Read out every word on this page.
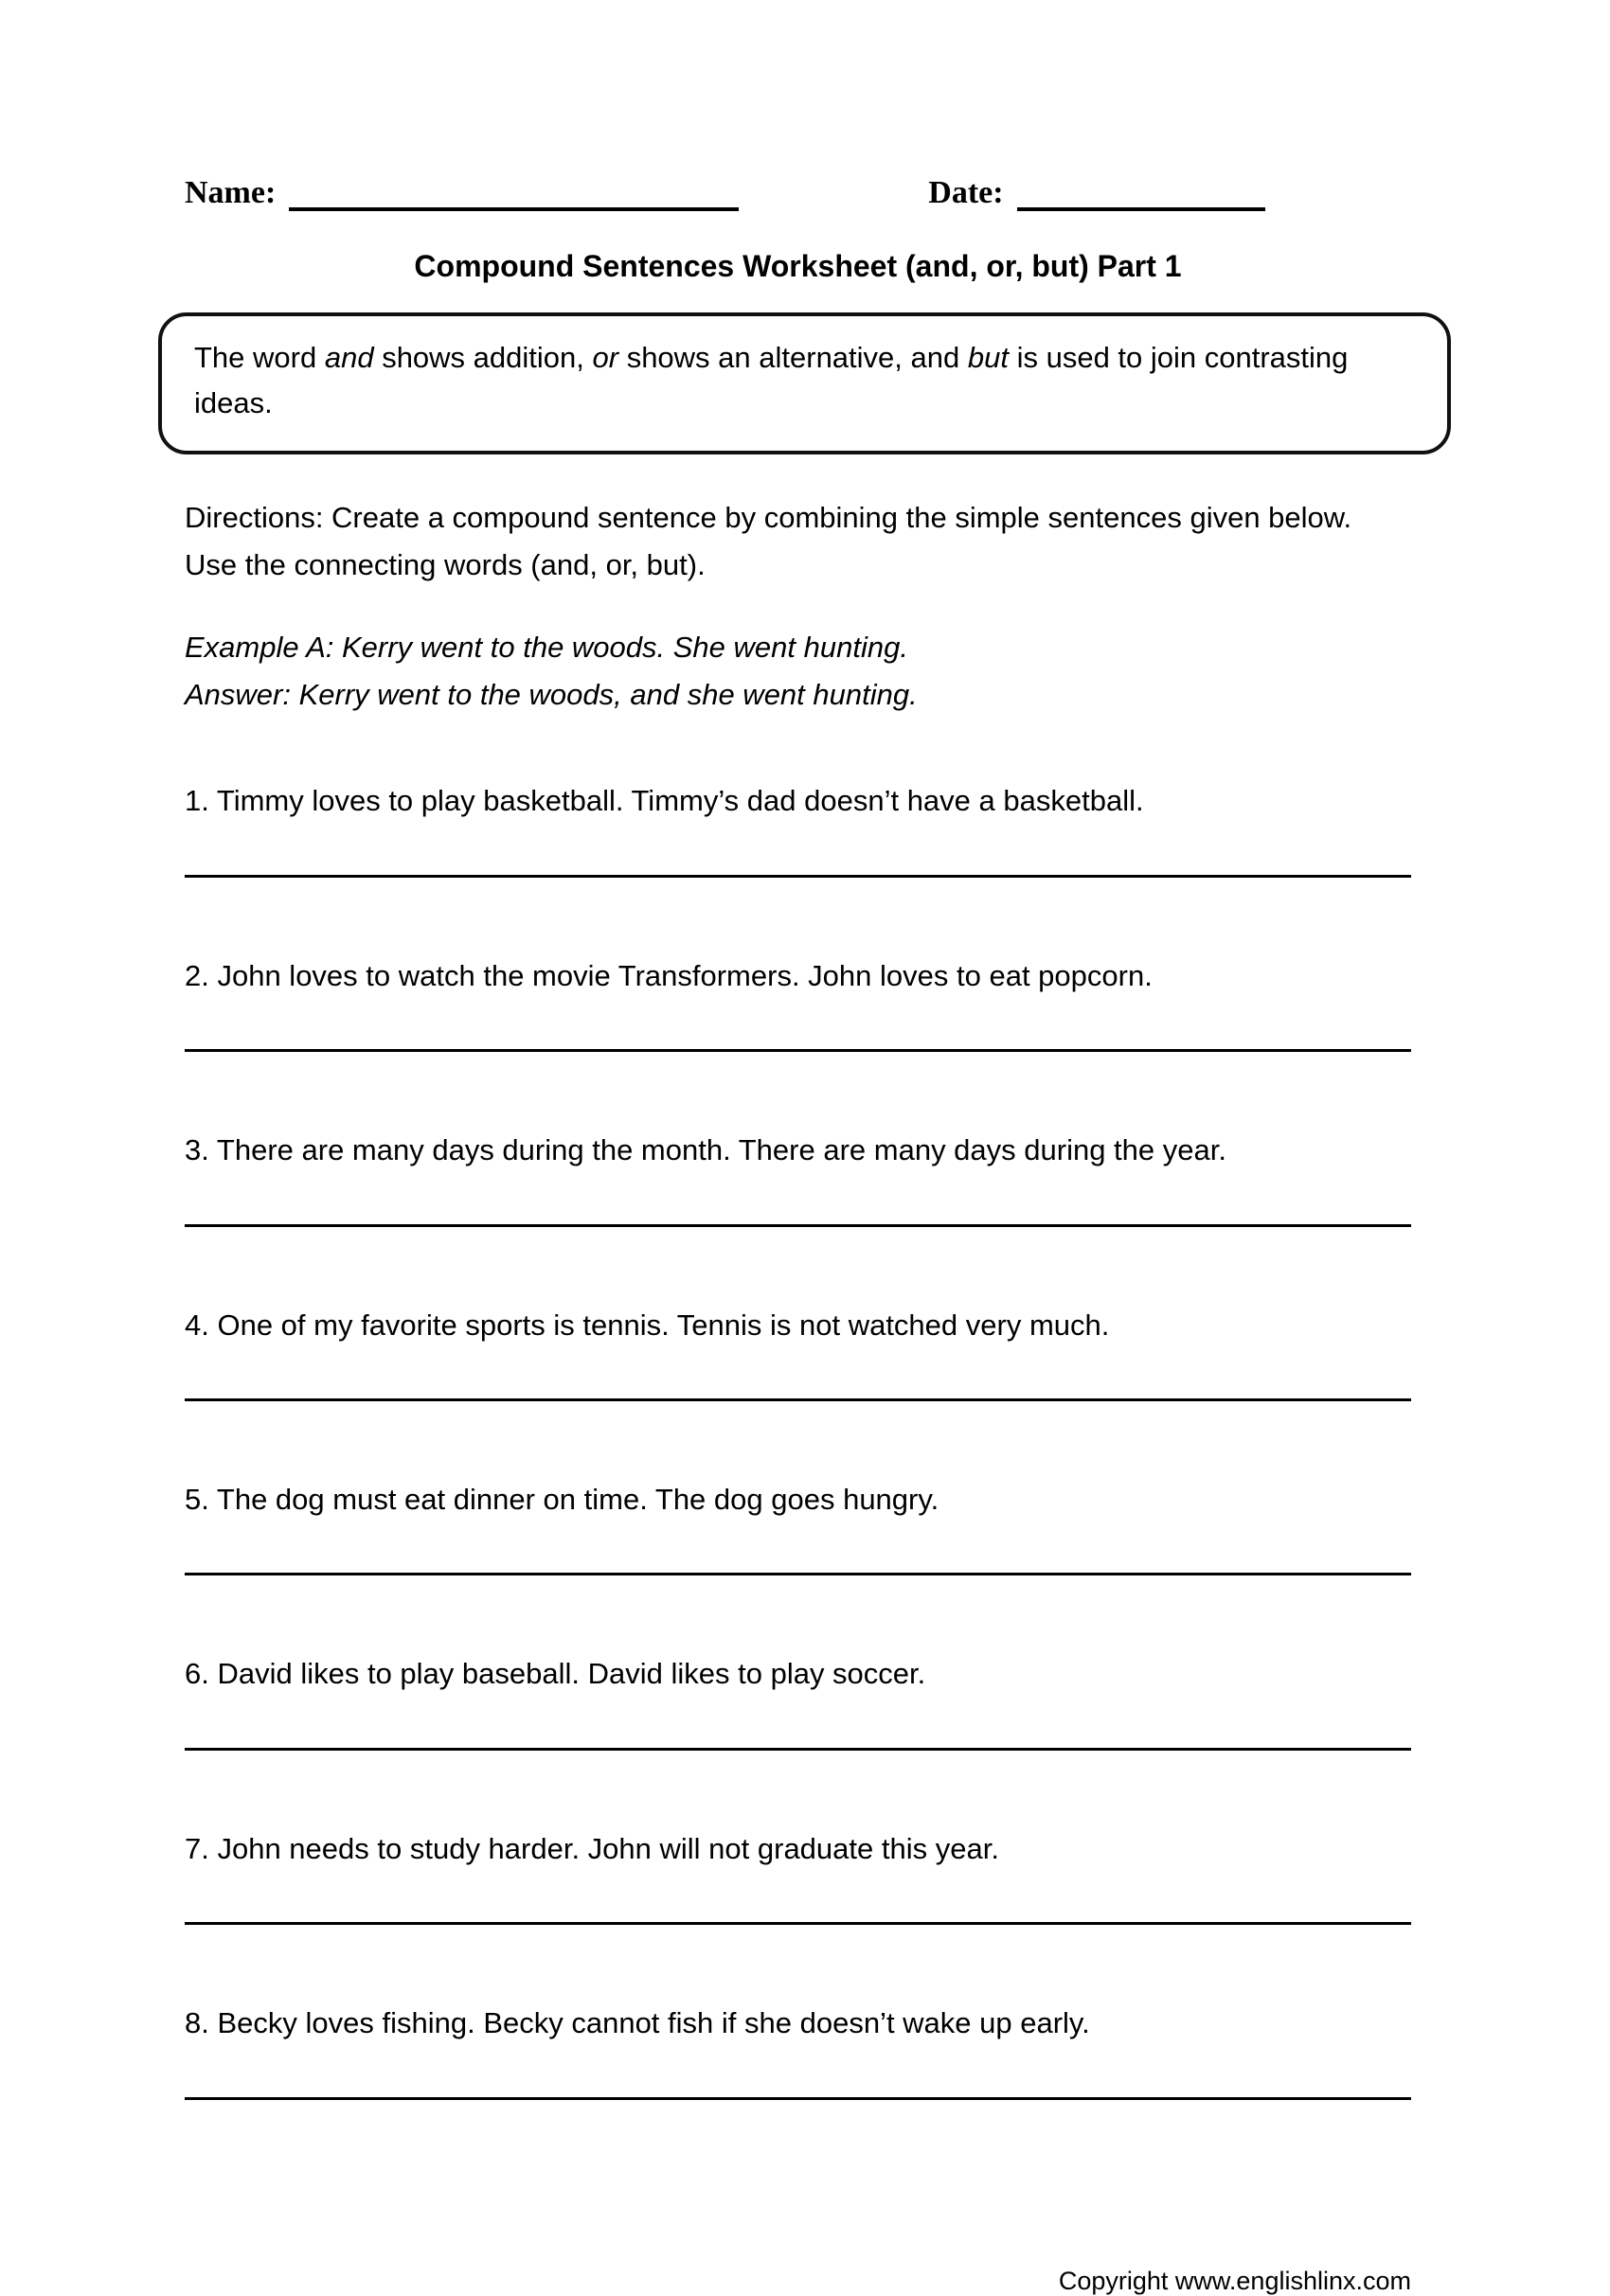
Name:	Date:
Compound Sentences Worksheet (and, or, but) Part 1

The word and shows addition, or shows an alternative, and but is used to join contrasting ideas.

Directions: Create a compound sentence by combining the simple sentences given below. Use the connecting words (and, or, but).

Example A: Kerry went to the woods. She went hunting.
Answer: Kerry went to the woods, and she went hunting.

1. Timmy loves to play basketball. Timmy’s dad doesn’t have a basketball.

2. John loves to watch the movie Transformers. John loves to eat popcorn.

3. There are many days during the month. There are many days during the year.

4. One of my favorite sports is tennis. Tennis is not watched very much.

5. The dog must eat dinner on time. The dog goes hungry.

6. David likes to play baseball. David likes to play soccer.

7. John needs to study harder. John will not graduate this year.

8. Becky loves fishing. Becky cannot fish if she doesn’t wake up early.

Copyright www.englishlinx.com
